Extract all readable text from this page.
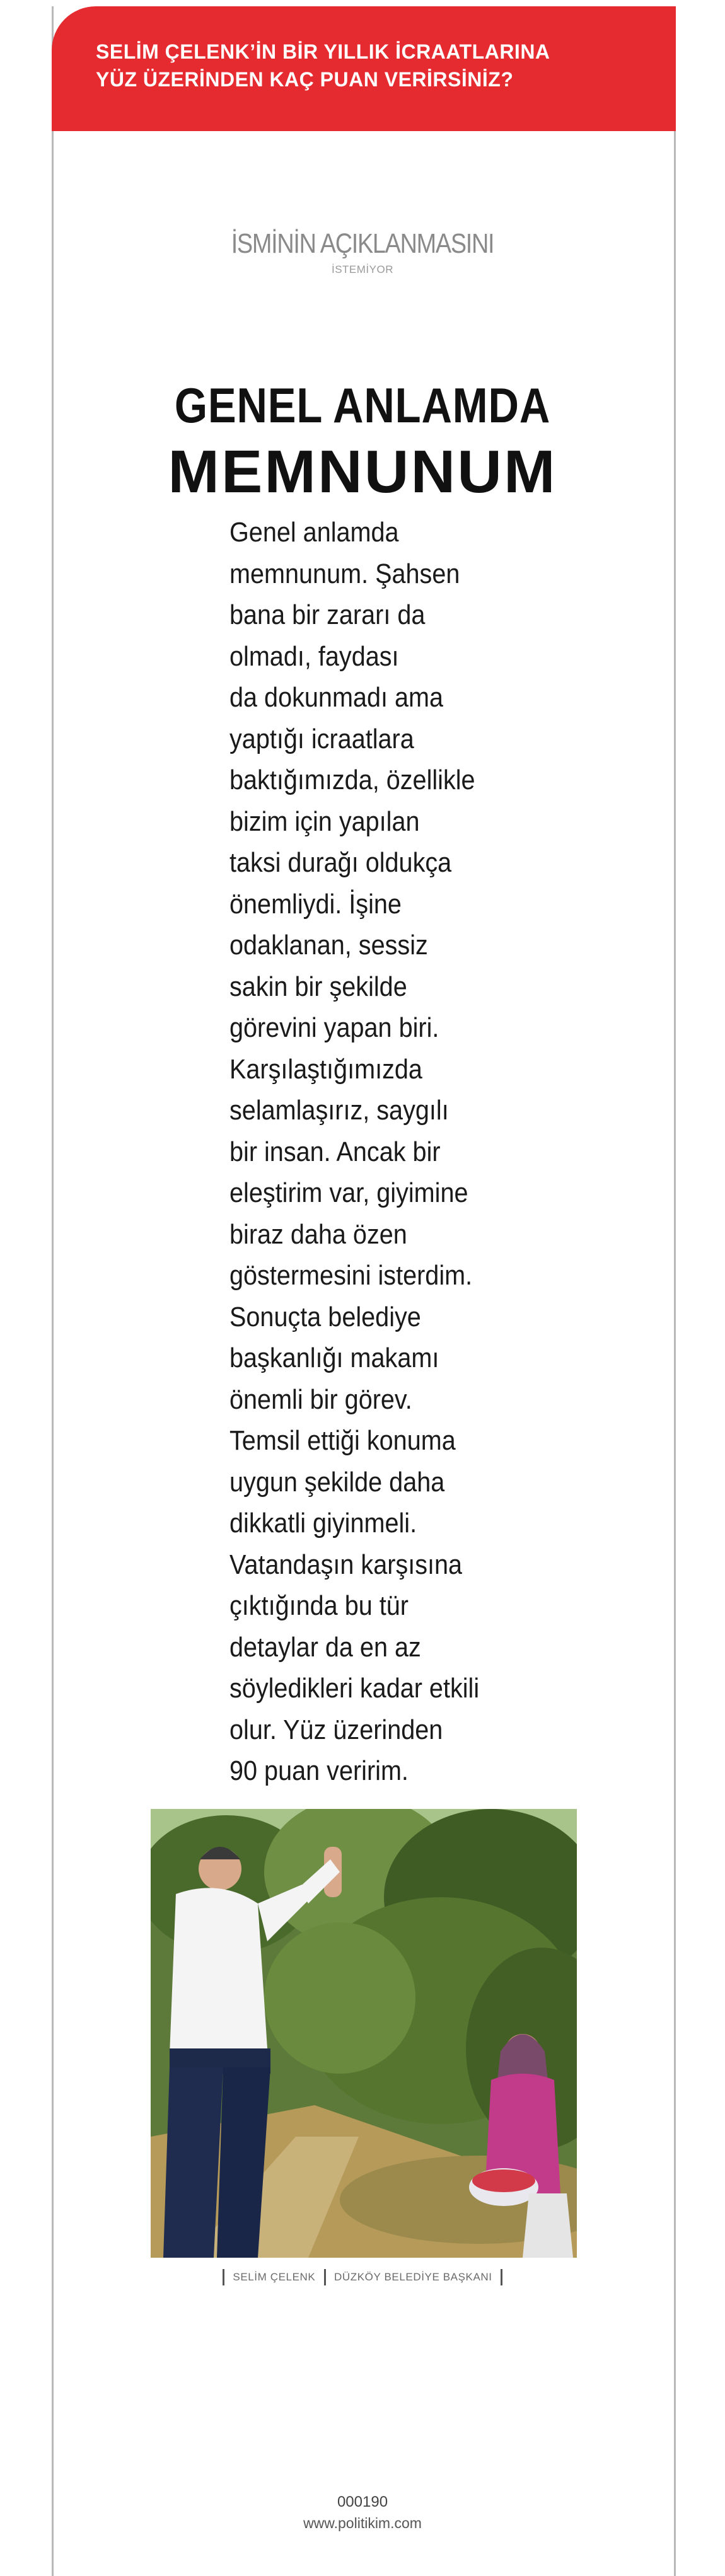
SELİM ÇELENK’İN BİR YILLIK İCRAATLARINA
YÜZ ÜZERİNDEN KAÇ PUAN VERİRSİNİZ?
İSMİNİN AÇIKLANMASINI
İSTEMİYOR
GENEL ANLAMDA
MEMNUNUM
Genel anlamda
memnunum. Şahsen
bana bir zararı da
olmadı, faydası
da dokunmadı ama
yaptığı icraatlara
baktığımızda, özellikle
bizim için yapılan
taksi durağı oldukça
önemliydi. İşine
odaklanan, sessiz
sakin bir şekilde
görevini yapan biri.
Karşılaştığımızda
selamlaşırız, saygılı
bir insan. Ancak bir
eleştirim var, giyimine
biraz daha özen
göstermesini isterdim.
Sonuçta belediye
başkanlığı makamı
önemli bir görev.
Temsil ettiği konuma
uygun şekilde daha
dikkatli giyinmeli.
Vatandaşın karşısına
çıktığında bu tür
detaylar da en az
söyledikleri kadar etkili
olur. Yüz üzerinden
90 puan veririm.
SELİM ÇELENK DÜZKÖY BELEDİYE BAŞKANI
000190
www.politikim.com
